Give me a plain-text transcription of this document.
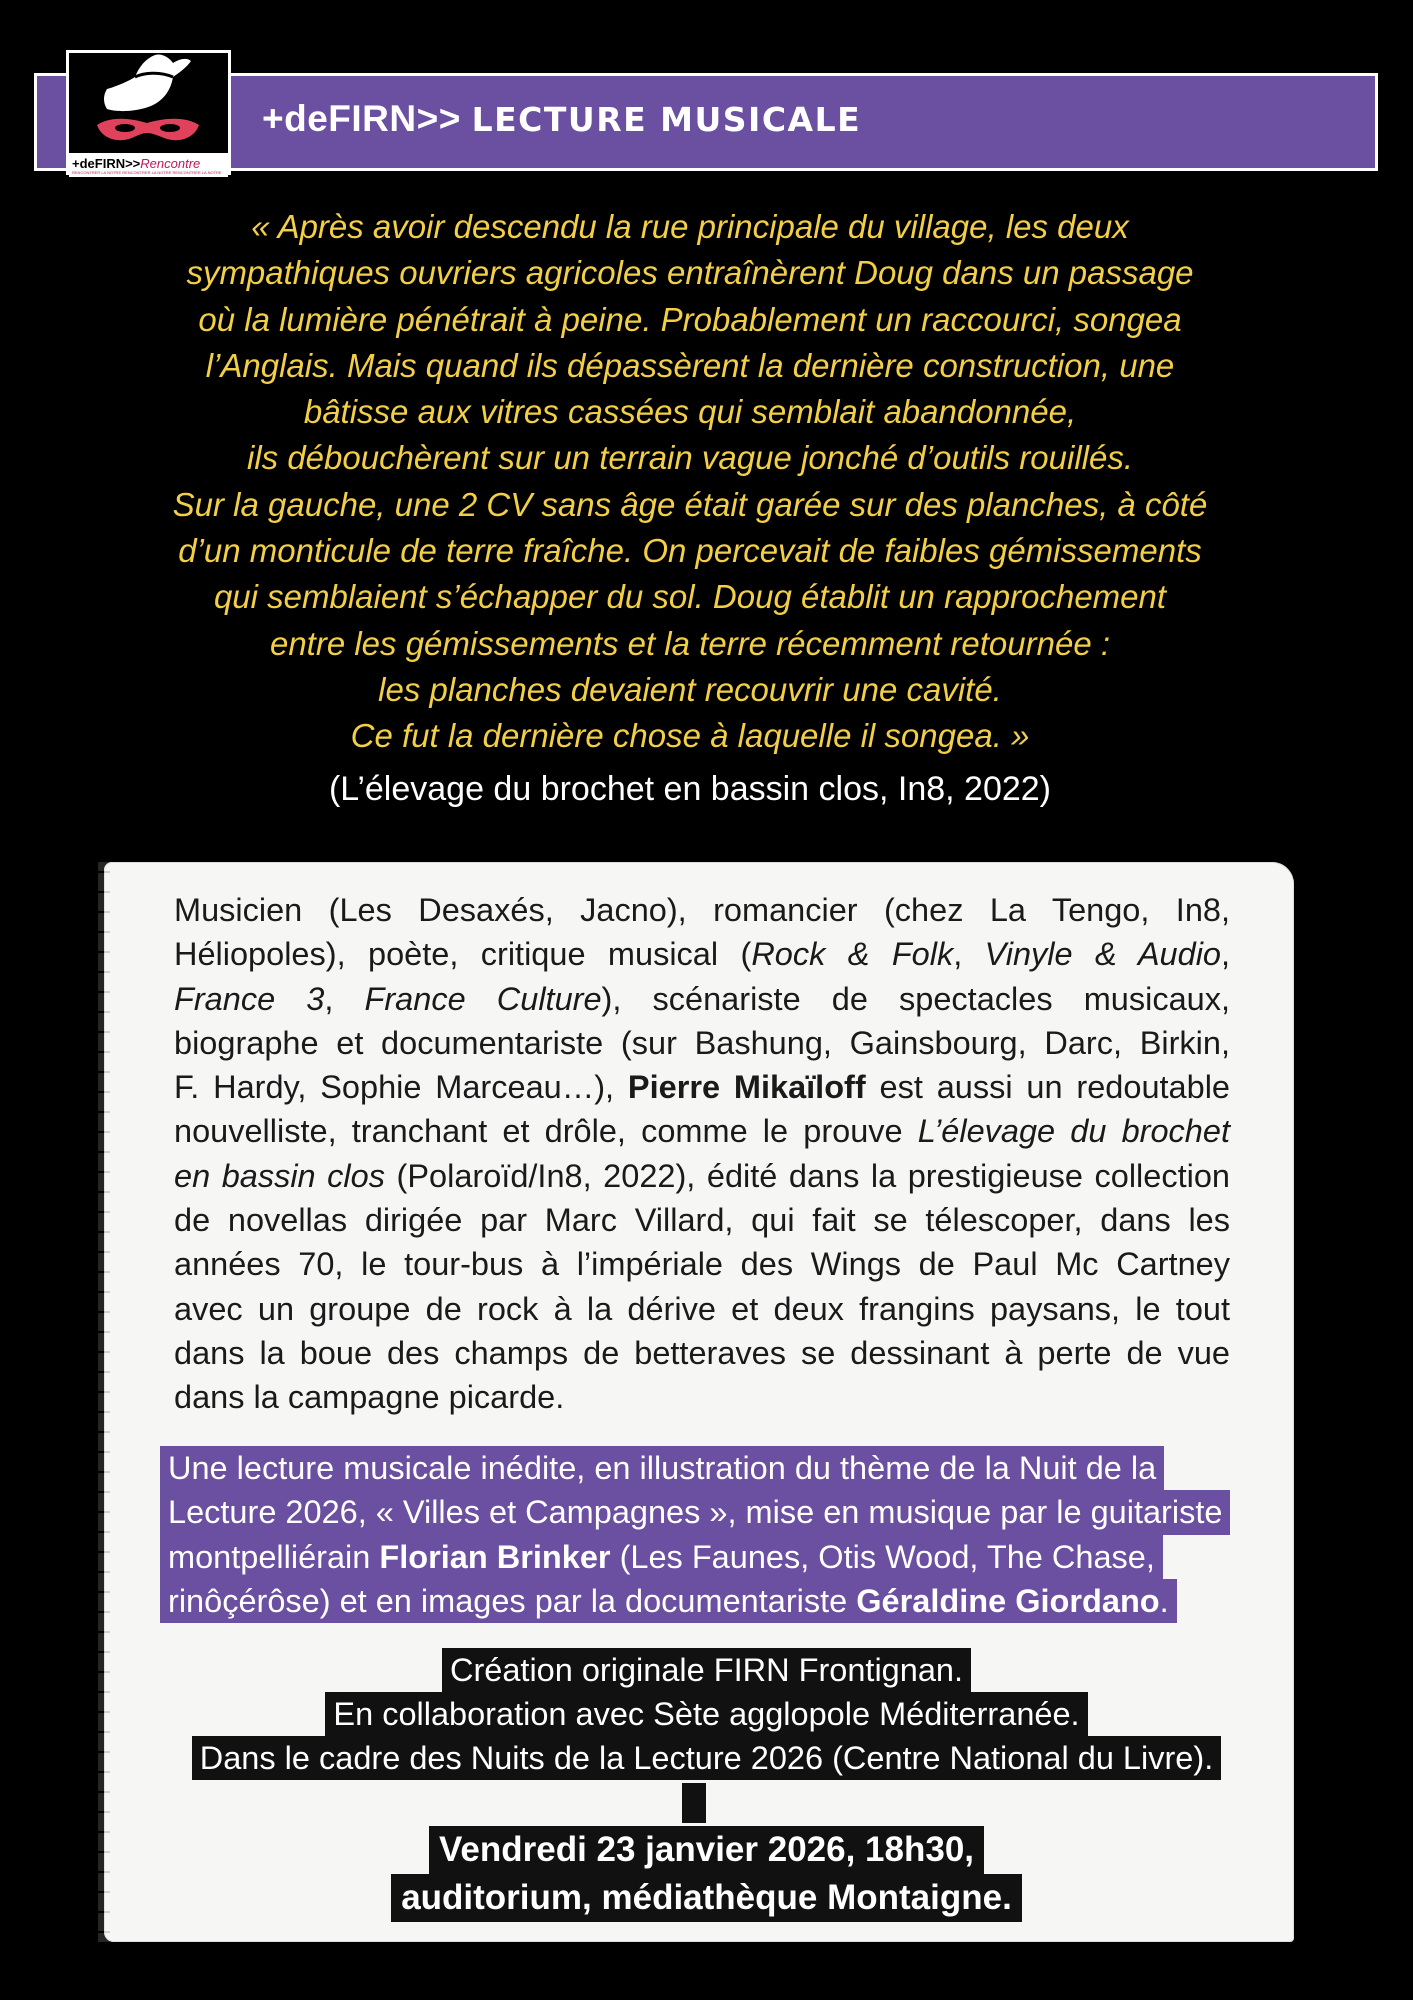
+deFIRN>> LECTURE MUSICALE
+deFIRN>>Rencontre
RENCONTRER LA NOTRE RENCONTRER LA NOTRE RENCONTRER LA NOTRE
« Après avoir descendu la rue principale du village, les deux
sympathiques ouvriers agricoles entraînèrent Doug dans un passage
où la lumière pénétrait à peine. Probablement un raccourci, songea
l’Anglais. Mais quand ils dépassèrent la dernière construction, une
bâtisse aux vitres cassées qui semblait abandonnée,
ils débouchèrent sur un terrain vague jonché d’outils rouillés.
Sur la gauche, une 2 CV sans âge était garée sur des planches, à côté
d’un monticule de terre fraîche. On percevait de faibles gémissements
qui semblaient s’échapper du sol. Doug établit un rapprochement
entre les gémissements et la terre récemment retournée :
les planches devaient recouvrir une cavité.
Ce fut la dernière chose à laquelle il songea. »
(L’élevage du brochet en bassin clos, In8, 2022)
Musicien (Les Desaxés, Jacno), romancier (chez La Tengo, In8,
Héliopoles), poète, critique musical (Rock & Folk, Vinyle & Audio,
France 3, France Culture), scénariste de spectacles musicaux,
biographe et documentariste (sur Bashung, Gainsbourg, Darc, Birkin,
F. Hardy, Sophie Marceau…), Pierre Mikaïloff est aussi un redoutable
nouvelliste, tranchant et drôle, comme le prouve L’élevage du brochet
en bassin clos (Polaroïd/In8, 2022), édité dans la prestigieuse collection
de novellas dirigée par Marc Villard, qui fait se télescoper, dans les
années 70, le tour-bus à l’impériale des Wings de Paul Mc Cartney
avec un groupe de rock à la dérive et deux frangins paysans, le tout
dans la boue des champs de betteraves se dessinant à perte de vue
dans la campagne picarde.
Une lecture musicale inédite, en illustration du thème de la Nuit de la
Lecture 2026, « Villes et Campagnes », mise en musique par le guitariste
montpelliérain Florian Brinker (Les Faunes, Otis Wood, The Chase,
rinôçérôse) et en images par la documentariste Géraldine Giordano.
Création originale FIRN Frontignan.
En collaboration avec Sète agglopole Méditerranée.
Dans le cadre des Nuits de la Lecture 2026 (Centre National du Livre).
Vendredi 23 janvier 2026, 18h30,
auditorium, médiathèque Montaigne.
